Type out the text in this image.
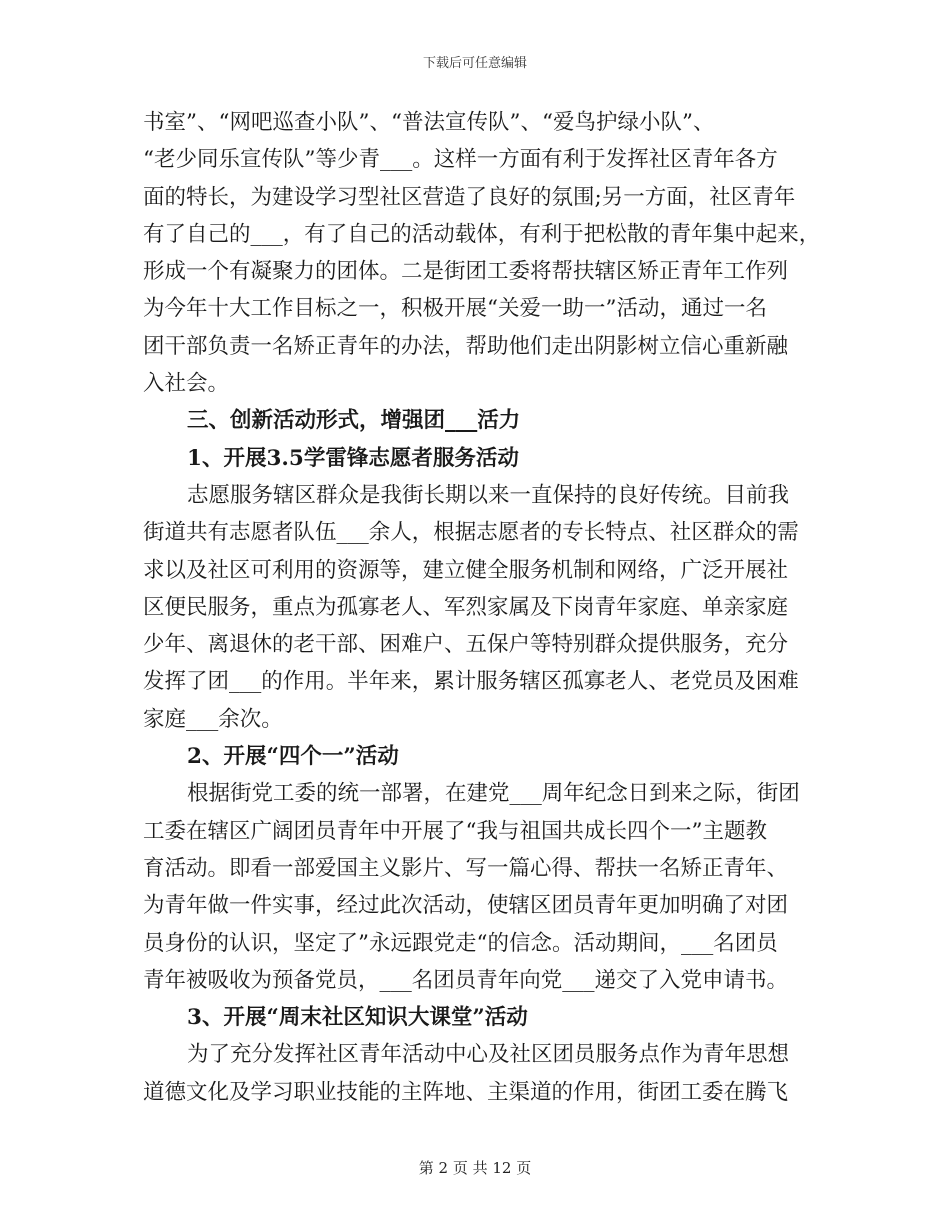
下载后可任意编辑
书室”、“网吧巡查小队”、“普法宣传队”、“爱鸟护绿小队”、
“老少同乐宣传队”等少青___。这样一方面有利于发挥社区青年各方
面的特长，为建设学习型社区营造了良好的氛围;另一方面，社区青年
有了自己的___，有了自己的活动载体，有利于把松散的青年集中起来，
形成一个有凝聚力的团体。二是街团工委将帮扶辖区矫正青年工作列
为今年十大工作目标之一，积极开展“关爱一助一”活动，通过一名
团干部负责一名矫正青年的办法，帮助他们走出阴影树立信心重新融
入社会。
三、创新活动形式，增强团___活力
1、开展3.5学雷锋志愿者服务活动
志愿服务辖区群众是我街长期以来一直保持的良好传统。目前我
街道共有志愿者队伍___余人，根据志愿者的专长特点、社区群众的需
求以及社区可利用的资源等，建立健全服务机制和网络，广泛开展社
区便民服务，重点为孤寡老人、军烈家属及下岗青年家庭、单亲家庭
少年、离退休的老干部、困难户、五保户等特别群众提供服务，充分
发挥了团___的作用。半年来，累计服务辖区孤寡老人、老党员及困难
家庭___余次。
2、开展“四个一”活动
根据街党工委的统一部署，在建党___周年纪念日到来之际，街团
工委在辖区广阔团员青年中开展了“我与祖国共成长四个一”主题教
育活动。即看一部爱国主义影片、写一篇心得、帮扶一名矫正青年、
为青年做一件实事，经过此次活动，使辖区团员青年更加明确了对团
员身份的认识，坚定了”永远跟党走“的信念。活动期间，___名团员
青年被吸收为预备党员，___名团员青年向党___递交了入党申请书。
3、开展“周末社区知识大课堂”活动
为了充分发挥社区青年活动中心及社区团员服务点作为青年思想
道德文化及学习职业技能的主阵地、主渠道的作用，街团工委在腾飞
第 2 页 共 12 页
